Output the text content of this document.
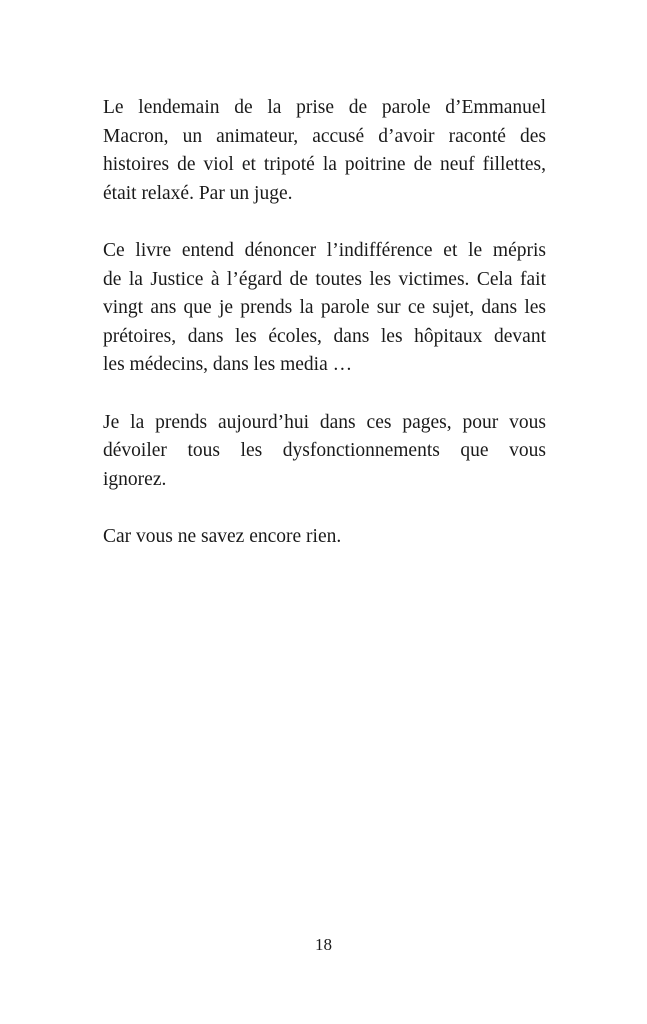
Le lendemain de la prise de parole d’Emmanuel
Macron, un animateur, accusé d’avoir raconté des
histoires de viol et tripoté la poitrine de neuf fillettes,
était relaxé. Par un juge.

Ce livre entend dénoncer l’indifférence et le mépris
de la Justice à l’égard de toutes les victimes. Cela fait
vingt ans que je prends la parole sur ce sujet, dans les
prétoires, dans les écoles, dans les hôpitaux devant
les médecins, dans les media …

Je la prends aujourd’hui dans ces pages, pour vous
dévoiler tous les dysfonctionnements que vous
ignorez.

Car vous ne savez encore rien.

18
